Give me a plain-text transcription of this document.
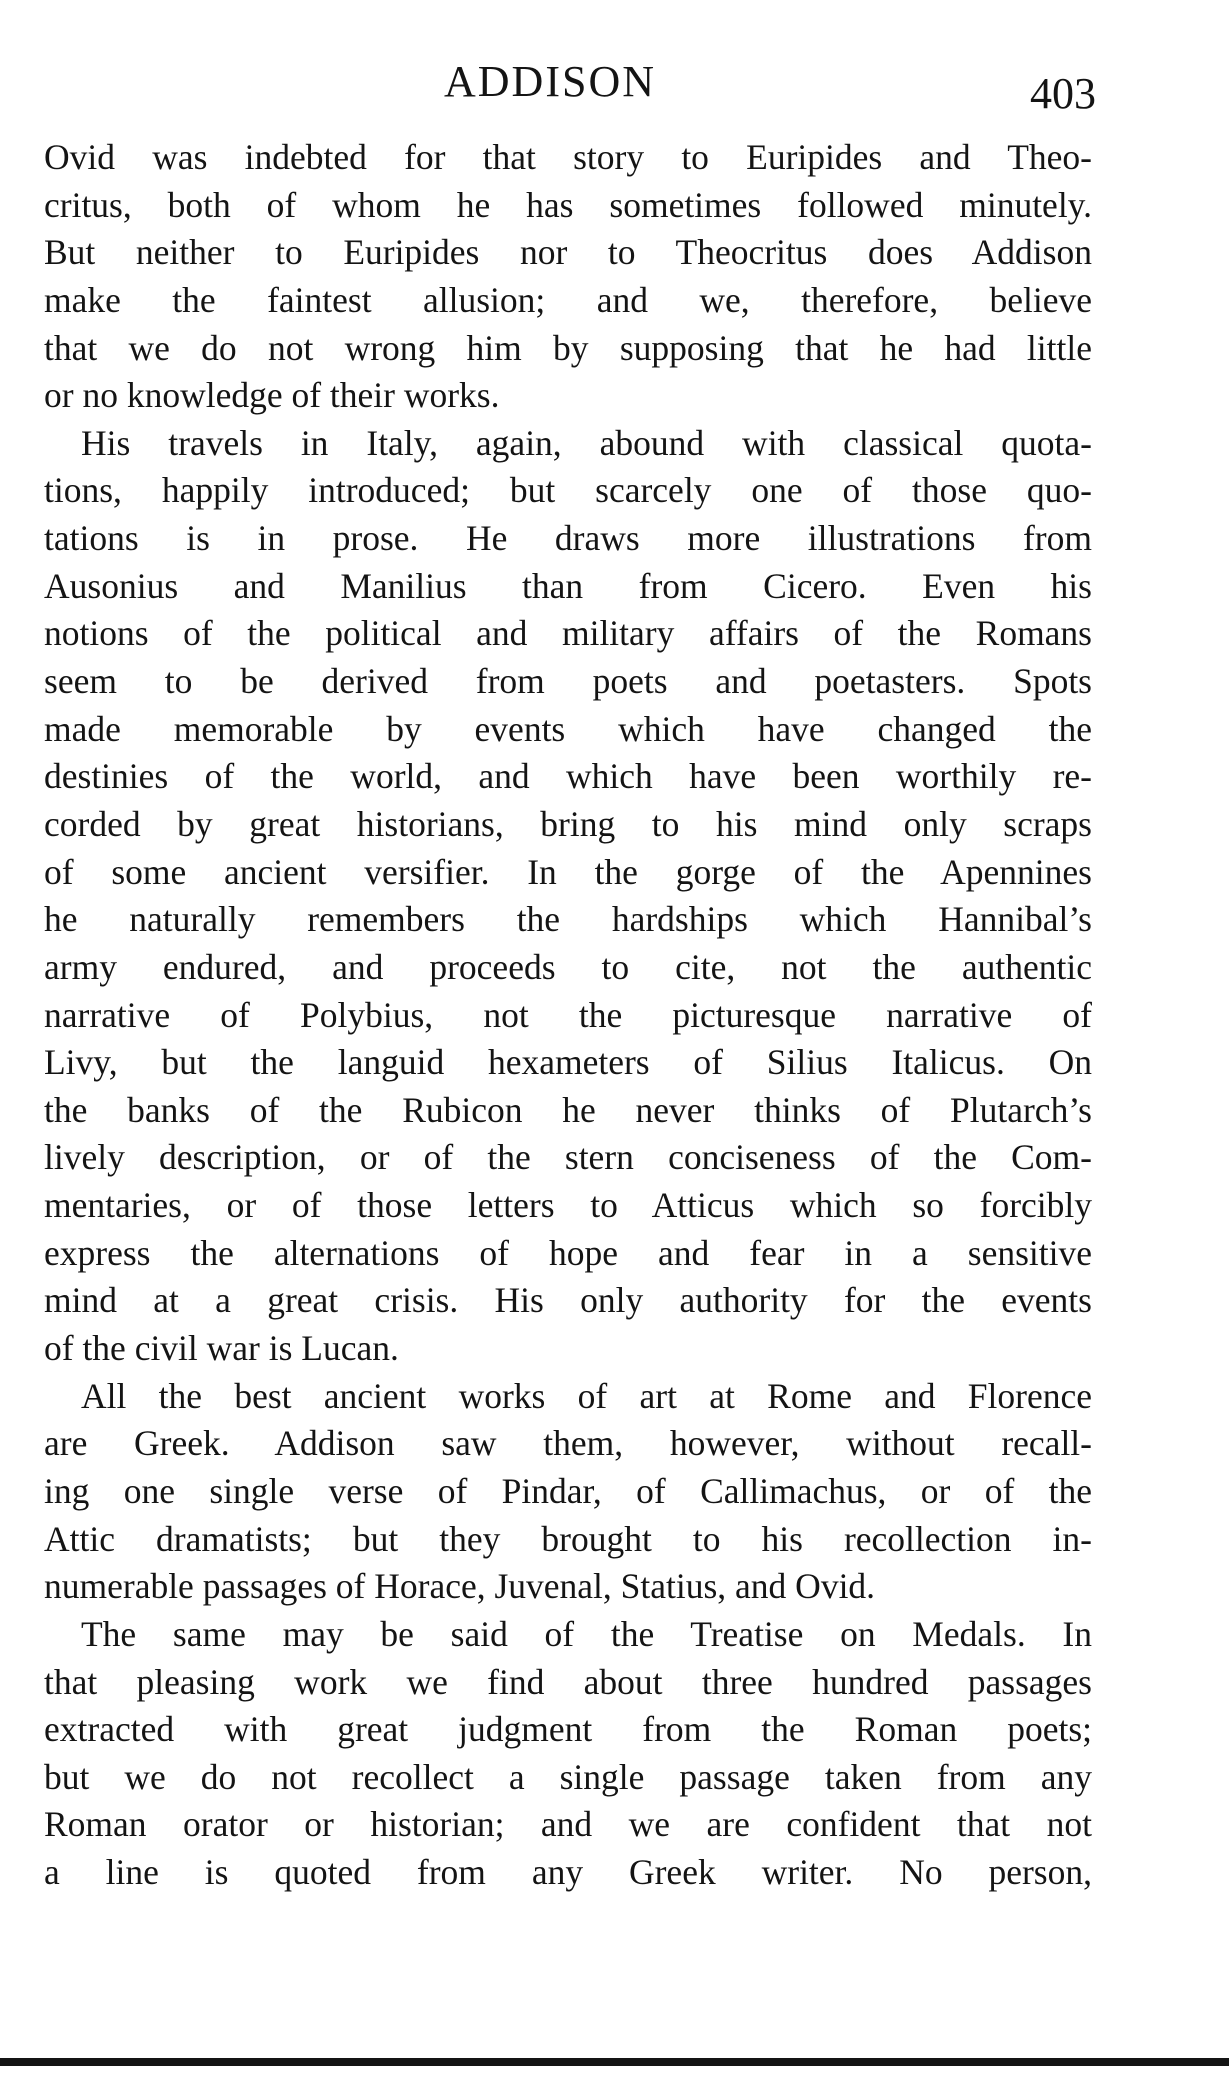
ADDISON	403
Ovid was indebted for that story to Euripides and Theo-
critus, both of whom he has sometimes followed minutely.
But neither to Euripides nor to Theocritus does Addison
make the faintest allusion; and we, therefore, believe
that we do not wrong him by supposing that he had little
or no knowledge of their works.
His travels in Italy, again, abound with classical quota-
tions, happily introduced; but scarcely one of those quo-
tations is in prose. He draws more illustrations from
Ausonius and Manilius than from Cicero. Even his
notions of the political and military affairs of the Romans
seem to be derived from poets and poetasters. Spots
made memorable by events which have changed the
destinies of the world, and which have been worthily re-
corded by great historians, bring to his mind only scraps
of some ancient versifier. In the gorge of the Apennines
he naturally remembers the hardships which Hannibal’s
army endured, and proceeds to cite, not the authentic
narrative of Polybius, not the picturesque narrative of
Livy, but the languid hexameters of Silius Italicus. On
the banks of the Rubicon he never thinks of Plutarch’s
lively description, or of the stern conciseness of the Com-
mentaries, or of those letters to Atticus which so forcibly
express the alternations of hope and fear in a sensitive
mind at a great crisis. His only authority for the events
of the civil war is Lucan.
All the best ancient works of art at Rome and Florence
are Greek. Addison saw them, however, without recall-
ing one single verse of Pindar, of Callimachus, or of the
Attic dramatists; but they brought to his recollection in-
numerable passages of Horace, Juvenal, Statius, and Ovid.
The same may be said of the Treatise on Medals. In
that pleasing work we find about three hundred passages
extracted with great judgment from the Roman poets;
but we do not recollect a single passage taken from any
Roman orator or historian; and we are confident that not
a line is quoted from any Greek writer. No person,
